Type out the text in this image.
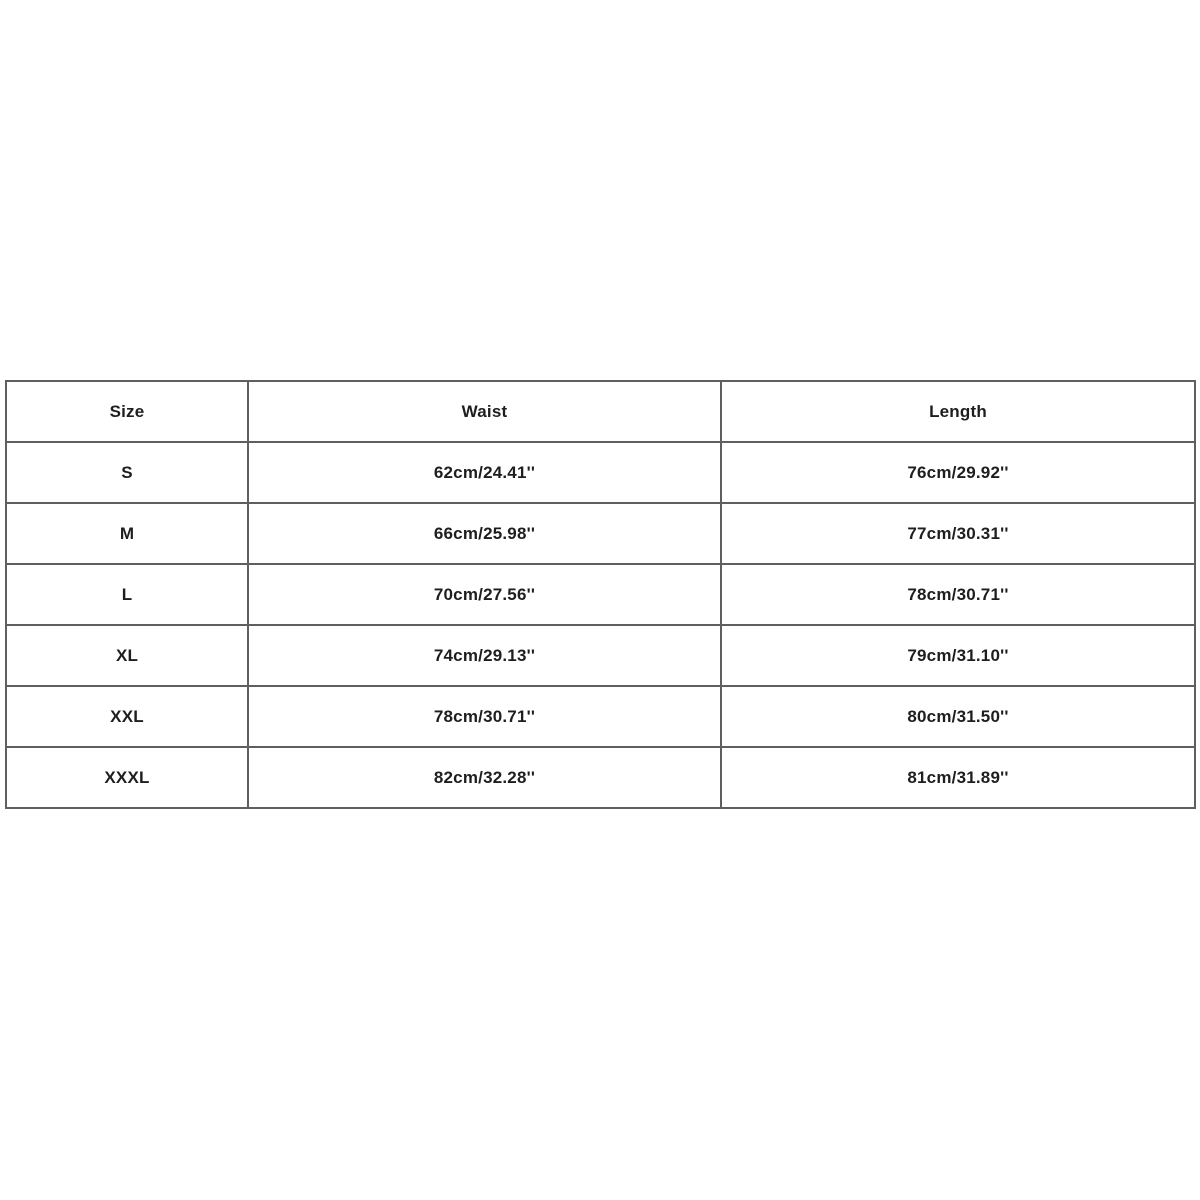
Size	Waist	Length
S	62cm/24.41''	76cm/29.92''
M	66cm/25.98''	77cm/30.31''
L	70cm/27.56''	78cm/30.71''
XL	74cm/29.13''	79cm/31.10''
XXL	78cm/30.71''	80cm/31.50''
XXXL	82cm/32.28''	81cm/31.89''
